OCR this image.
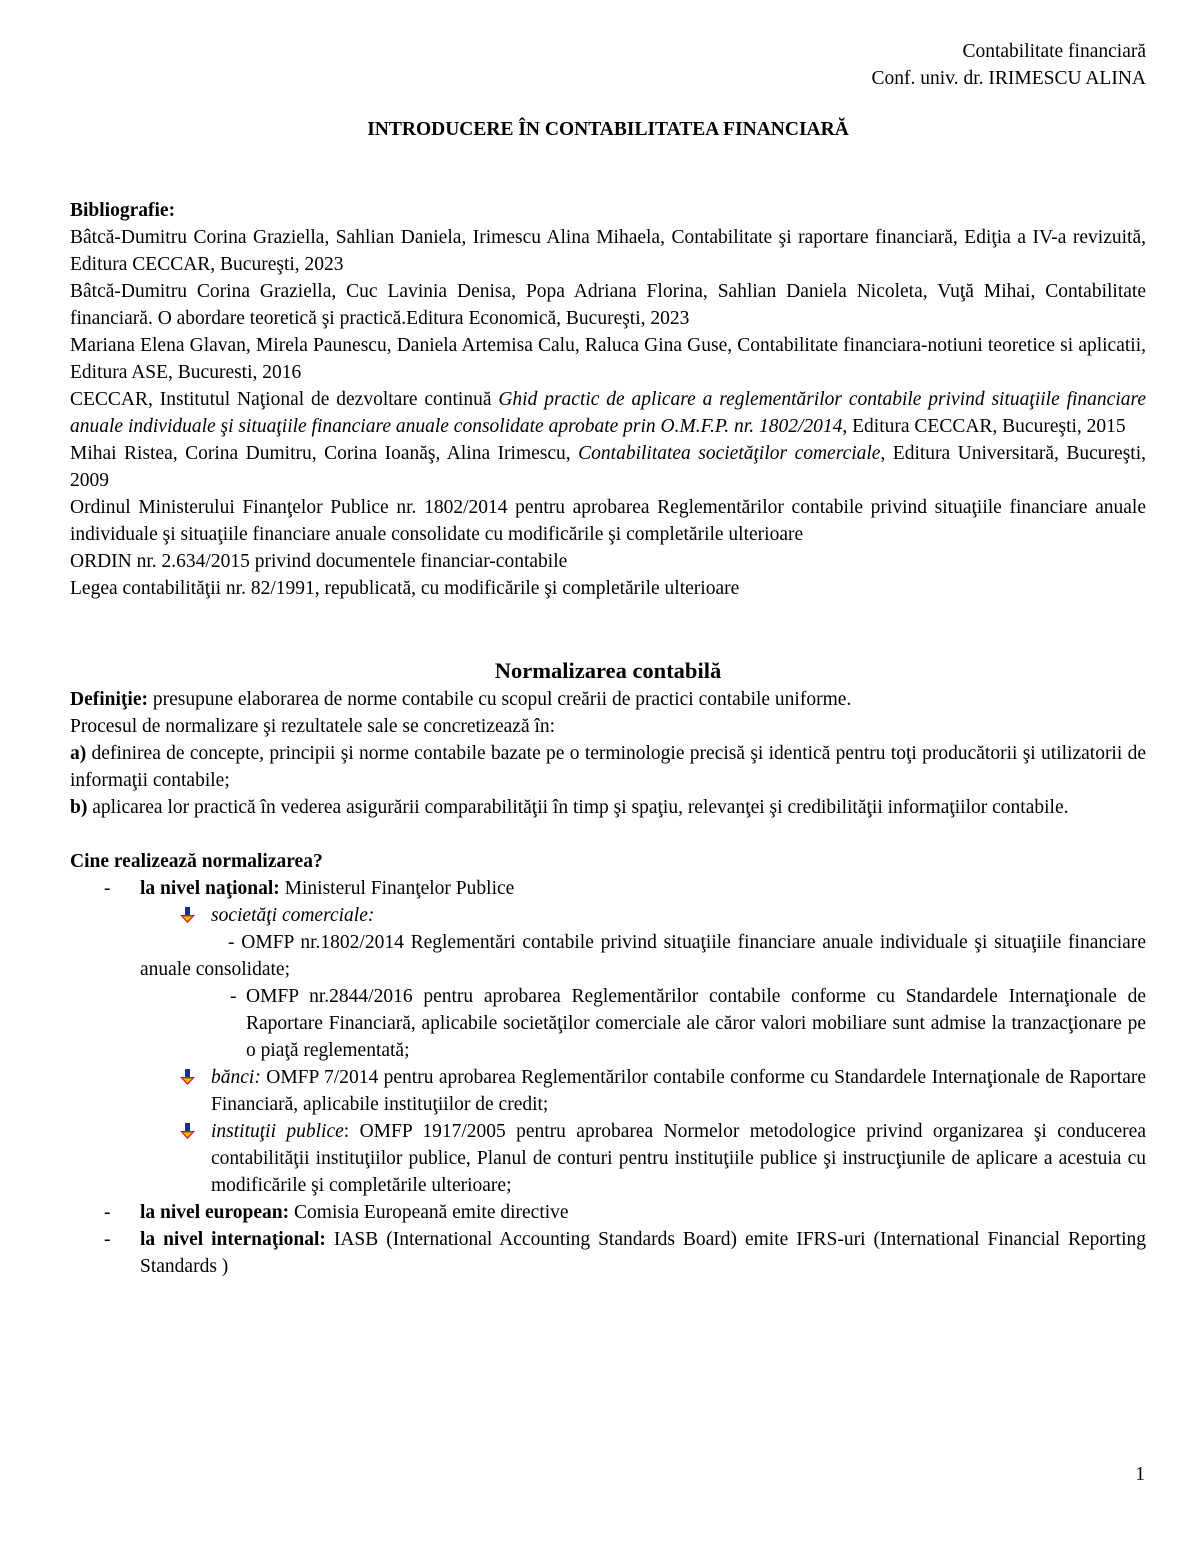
Contabilitate financiară
Conf. univ. dr. IRIMESCU ALINA

INTRODUCERE ÎN CONTABILITATEA FINANCIARĂ

Bibliografie:

Bâtcă-Dumitru Corina Graziella, Sahlian Daniela, Irimescu Alina Mihaela, Contabilitate şi raportare financiară, Ediţia a IV-a revizuită, Editura CECCAR, Bucureşti, 2023

Bâtcă-Dumitru Corina Graziella, Cuc Lavinia Denisa, Popa Adriana Florina, Sahlian Daniela Nicoleta, Vuţă Mihai, Contabilitate financiară. O abordare teoretică şi practică.Editura Economică, Bucureşti, 2023

Mariana Elena Glavan, Mirela Paunescu, Daniela Artemisa Calu, Raluca Gina Guse, Contabilitate financiara-notiuni teoretice si aplicatii, Editura ASE, Bucuresti, 2016

CECCAR, Institutul Naţional de dezvoltare continuă Ghid practic de aplicare a reglementărilor contabile privind situaţiile financiare anuale individuale şi situaţiile financiare anuale consolidate aprobate prin O.M.F.P. nr. 1802/2014, Editura CECCAR, Bucureşti, 2015

Mihai Ristea, Corina Dumitru, Corina Ioanăş, Alina Irimescu, Contabilitatea societăţilor comerciale, Editura Universitară, Bucureşti, 2009

Ordinul Ministerului Finanţelor Publice nr. 1802/2014 pentru aprobarea Reglementărilor contabile privind situaţiile financiare anuale individuale şi situaţiile financiare anuale consolidate cu modificările şi completările ulterioare

ORDIN nr. 2.634/2015 privind documentele financiar-contabile

Legea contabilităţii nr. 82/1991, republicată, cu modificările şi completările ulterioare

Normalizarea contabilă

Definiţie: presupune elaborarea de norme contabile cu scopul creării de practici contabile uniforme.

Procesul de normalizare şi rezultatele sale se concretizează în:

a) definirea de concepte, principii şi norme contabile bazate pe o terminologie precisă şi identică pentru toţi producătorii şi utilizatorii de informaţii contabile;

b) aplicarea lor practică în vederea asigurării comparabilităţii în timp şi spaţiu, relevanţei şi credibilităţii informaţiilor contabile.

Cine realizează normalizarea?

- la nivel naţional: Ministerul Finanţelor Publice

societăţi comerciale:

- OMFP nr.1802/2014 Reglementări contabile privind situaţiile financiare anuale individuale şi situaţiile financiare anuale consolidate;

- OMFP nr.2844/2016 pentru aprobarea Reglementărilor contabile conforme cu Standardele Internaţionale de Raportare Financiară, aplicabile societăţilor comerciale ale căror valori mobiliare sunt admise la tranzacţionare pe o piaţă reglementată;

bănci: OMFP 7/2014 pentru aprobarea Reglementărilor contabile conforme cu Standardele Internaţionale de Raportare Financiară, aplicabile instituţiilor de credit;

instituţii publice: OMFP 1917/2005 pentru aprobarea Normelor metodologice privind organizarea şi conducerea contabilităţii instituţiilor publice, Planul de conturi pentru instituţiile publice şi instrucţiunile de aplicare a acestuia cu modificările şi completările ulterioare;

- la nivel european: Comisia Europeană emite directive

- la nivel internaţional: IASB (International Accounting Standards Board) emite IFRS-uri (International Financial Reporting Standards )

1
